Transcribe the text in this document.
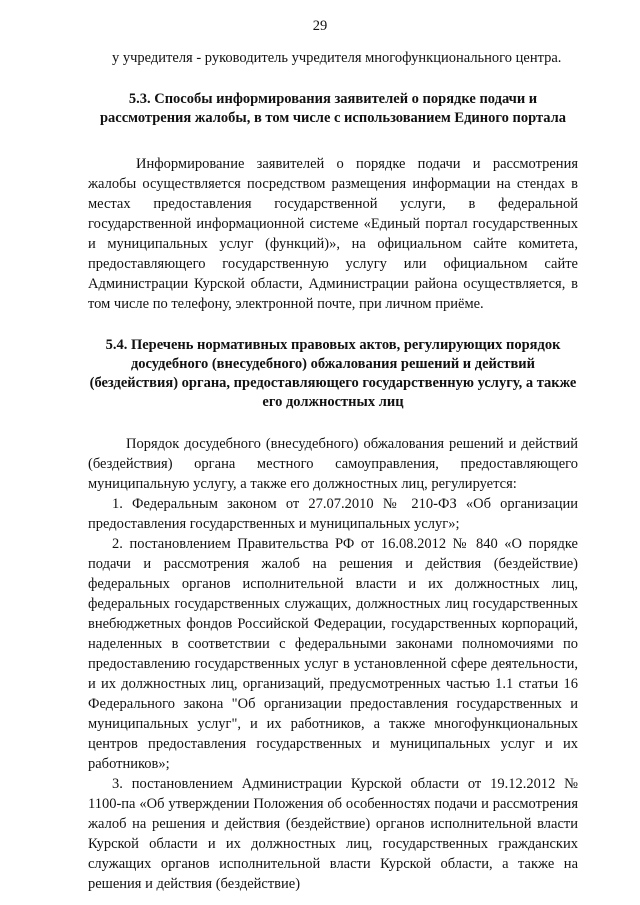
29

у учредителя - руководитель учредителя многофункционального центра.

5.3. Способы информирования заявителей о порядке подачи и рассмотрения жалобы, в том числе с использованием Единого портала

Информирование заявителей о порядке подачи и рассмотрения жалобы осуществляется посредством размещения информации на стендах в местах предоставления государственной услуги, в федеральной государственной информационной системе «Единый портал государственных и муниципальных услуг (функций)», на официальном сайте комитета, предоставляющего государственную услугу или официальном сайте Администрации Курской области, Администрации района осуществляется, в том числе по телефону, электронной почте, при личном приёме.

5.4. Перечень нормативных правовых актов, регулирующих порядок досудебного (внесудебного) обжалования решений и действий (бездействия) органа, предоставляющего государственную услугу, а также его должностных лиц

Порядок досудебного (внесудебного) обжалования решений и действий (бездействия) органа местного самоуправления, предоставляющего муниципальную услугу, а также его должностных лиц, регулируется:

1. Федеральным законом от 27.07.2010 № 210-ФЗ «Об организации предоставления государственных и муниципальных услуг»;

2. постановлением Правительства РФ от 16.08.2012 № 840 «О порядке подачи и рассмотрения жалоб на решения и действия (бездействие) федеральных органов исполнительной власти и их должностных лиц, федеральных государственных служащих, должностных лиц государственных внебюджетных фондов Российской Федерации, государственных корпораций, наделенных в соответствии с федеральными законами полномочиями по предоставлению государственных услуг в установленной сфере деятельности, и их должностных лиц, организаций, предусмотренных частью 1.1 статьи 16 Федерального закона "Об организации предоставления государственных и муниципальных услуг", и их работников, а также многофункциональных центров предоставления государственных и муниципальных услуг и их работников»;

3. постановлением Администрации Курской области от 19.12.2012 № 1100-па «Об утверждении Положения об особенностях подачи и рассмотрения жалоб на решения и действия (бездействие) органов исполнительной власти Курской области и их должностных лиц, государственных гражданских служащих органов исполнительной власти Курской области, а также на решения и действия (бездействие)
